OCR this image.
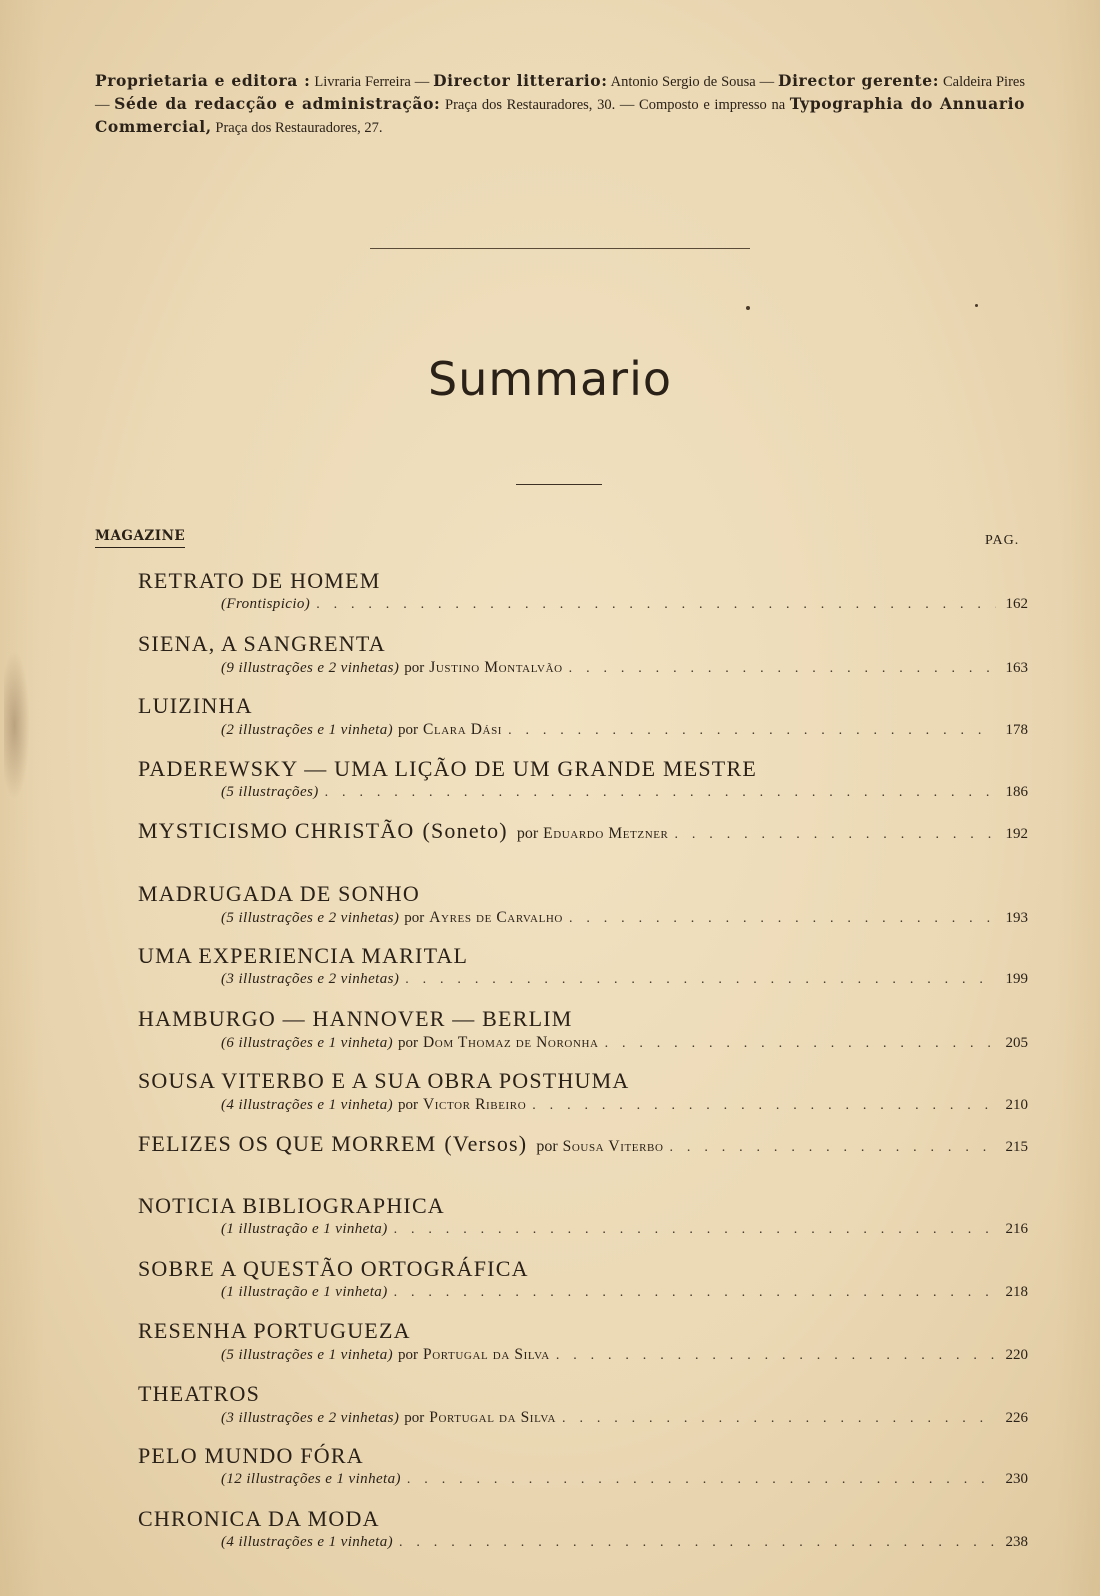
Proprietaria e editora : Livraria Ferreira — Director litterario: Antonio Sergio de Sousa — Director gerente: Caldeira Pires — Séde da redacção e administração: Praça dos Restauradores, 30. — Composto e impresso na Typographia do Annuario Commercial, Praça dos Restauradores, 27.
Summario
MAGAZINE	PAG.
RETRATO DE HOMEM
(Frontispicio) . . .	162
SIENA, A SANGRENTA
(9 illustrações e 2 vinhetas) por Justino Montalvão . . .	163
LUIZINHA
(2 illustrações e 1 vinheta) por Clara Dási . . .	178
PADEREWSKY — UMA LIÇÃO DE UM GRANDE MESTRE
(5 illustrações) . . .	186
MYSTICISMO CHRISTÃO (Soneto) por Eduardo Metzner . . .	192
MADRUGADA DE SONHO
(5 illustrações e 2 vinhetas) por Ayres de Carvalho . . .	193
UMA EXPERIENCIA MARITAL
(3 illustrações e 2 vinhetas) . . .	199
HAMBURGO — HANNOVER — BERLIM
(6 illustrações e 1 vinheta) por Dom Thomaz de Noronha . . .	205
SOUSA VITERBO E A SUA OBRA POSTHUMA
(4 illustrações e 1 vinheta) por Victor Ribeiro . . .	210
FELIZES OS QUE MORREM (Versos) por Sousa Viterbo . . .	215
NOTICIA BIBLIOGRAPHICA
(1 illustração e 1 vinheta) . . .	216
SOBRE A QUESTÃO ORTOGRÁFICA
(1 illustração e 1 vinheta) . . .	218
RESENHA PORTUGUEZA
(5 illustrações e 1 vinheta) por Portugal da Silva . . .	220
THEATROS
(3 illustrações e 2 vinhetas) por Portugal da Silva . . .	226
PELO MUNDO FÓRA
(12 illustrações e 1 vinheta) . . .	230
CHRONICA DA MODA
(4 illustrações e 1 vinheta) . . .	238
